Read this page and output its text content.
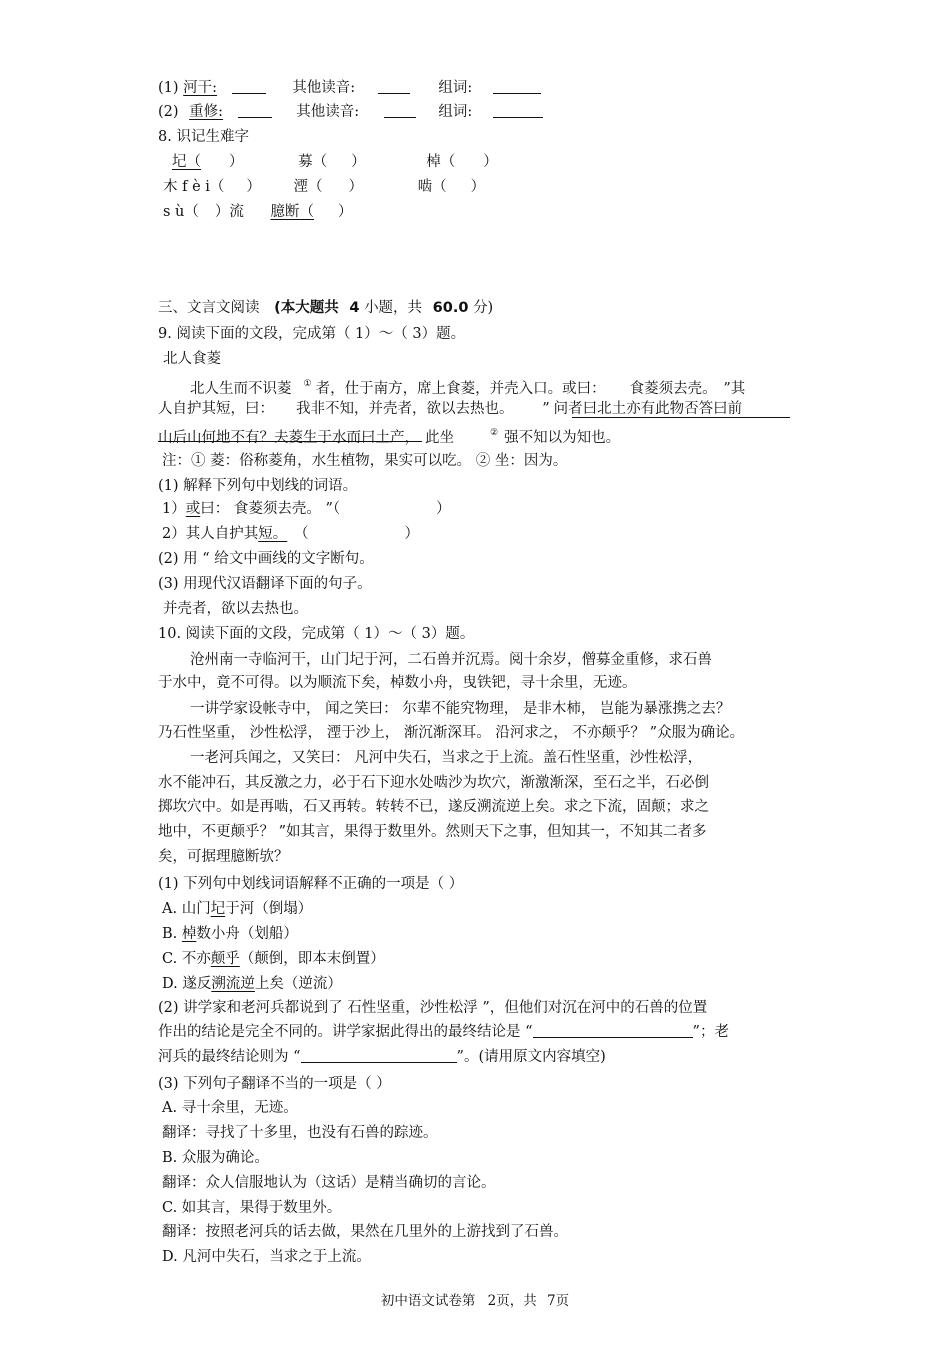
(1) 河干:	其他读音:	组词:
(2) 重修:	其他读音:	组词:
8. 识记生难字
圮（ ）	募（ ）	棹（ ）
木 f è i（ ） 湮（ ）	啮（ ）
s ù（ ）流 臆断（ ）
三、文言文阅读 (本大题共 4 小题，共 60.0 分)
9. 阅读下面的文段，完成第（ 1）～（ 3）题。
北人食菱
北人生而不识菱 ① 者，仕于南方，席上食菱，并壳入口。或曰： 食菱须去壳。 ”其
人自护其短，曰： 我非不知，并壳者，欲以去热也。 ” 问者曰北土亦有此物否答曰前
山后山何地不有？夫菱生于水而曰土产， 此坐	② 强不知以为知也。
注：① 菱：俗称菱角，水生植物，果实可以吃。 ② 坐：因为。
(1) 解释下列句中划线的词语。
1）或曰： 食菱须去壳。 ”（	）
2）其人自护其短。 （	）
(2) 用 “ 给文中画线的文字断句。
(3) 用现代汉语翻译下面的句子。
并壳者，欲以去热也。
10. 阅读下面的文段，完成第（ 1）～（ 3）题。
沧州南一寺临河干，山门圮于河，二石兽并沉焉。阅十余岁，僧募金重修，求石兽
于水中，竟不可得。以为顺流下矣，棹数小舟，曳铁钯，寻十余里，无迹。
一讲学家设帐寺中， 闻之笑曰： 尔辈不能究物理， 是非木柿， 岂能为暴涨携之去？
乃石性坚重， 沙性松浮， 湮于沙上， 渐沉渐深耳。 沿河求之， 不亦颠乎？ ”众服为确论。
一老河兵闻之，又笑曰： 凡河中失石，当求之于上流。盖石性坚重，沙性松浮，
水不能冲石，其反激之力，必于石下迎水处啮沙为坎穴，渐激渐深，至石之半，石必倒
掷坎穴中。如是再啮，石又再转。转转不已，遂反溯流逆上矣。求之下流，固颠；求之
地中，不更颠乎？ ”如其言，果得于数里外。然则天下之事，但知其一，不知其二者多
矣，可据理臆断欤？
(1) 下列句中划线词语解释不正确的一项是（ ）
A. 山门圮于河（倒塌）
B. 棹数小舟（划船）
C. 不亦颠乎（颠倒，即本末倒置）
D. 遂反溯流逆上矣（逆流）
(2) 讲学家和老河兵都说到了 石性坚重，沙性松浮 ”，但他们对沉在河中的石兽的位置
作出的结论是完全不同的。讲学家据此得出的最终结论是 “	”；老
河兵的最终结论则为 “	”。(请用原文内容填空)
(3) 下列句子翻译不当的一项是（ ）
A. 寻十余里，无迹。
翻译：寻找了十多里，也没有石兽的踪迹。
B. 众服为确论。
翻译：众人信服地认为（这话）是精当确切的言论。
C. 如其言，果得于数里外。
翻译：按照老河兵的话去做，果然在几里外的上游找到了石兽。
D. 凡河中失石，当求之于上流。
初中语文试卷第 2页，共 7页
